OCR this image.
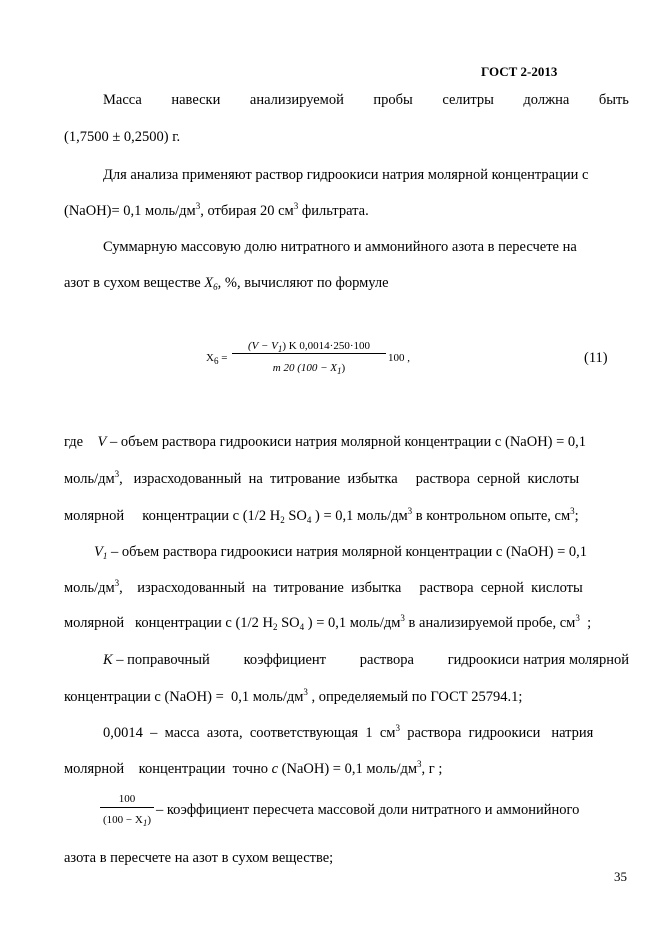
ГОСТ 2-2013
Масса навески анализируемой пробы селитры должна быть
(1,7500 ± 0,2500) г.
Для анализа применяют раствор гидроокиси натрия молярной концентрации с
(NaOH)= 0,1 моль/$дм^3$, отбирая 20 $см^3$ фильтрата.
Суммарную массовую долю нитратного и аммонийного азота в пересчете на
азот в сухом веществе $X_6$, %, вычисляют по формуле
$X_6$ =
$(V - V_1)$ K 0,0014·250·100
m 20 $(100 - X_1)$
100 ,	(11)
где V – объем раствора гидроокиси натрия молярной концентрации с (NaOH) = 0,1
моль/$дм^3$,   израсходованный  на  титрование  избытка     раствора  серной  кислоты
молярной     концентрации с (1/2 $H_2$ $SO_4$ ) = 0,1 моль/$дм^3$ в контрольном опыте, $см^3$;
$V_1$ – объем раствора гидроокиси натрия молярной концентрации с (NaOH) = 0,1
моль/$дм^3$,    израсходованный  на  титрование  избытка     раствора  серной  кислоты
молярной   концентрации с (1/2 $H_2$ $SO_4$ ) = 0,1 моль/$дм^3$ в анализируемой пробе, $см^3$  ;
K – поправочный коэффициент раствора гидроокиси натрия молярной
концентрации с (NaOH) =  0,1 моль/$дм^3$ , определяемый по ГОСТ 25794.1;
0,0014  –  масса  азота,  соответствующая  1  $см^3$  раствора  гидроокиси   натрия
молярной    концентрации  точно с (NaOH) = 0,1 моль/$дм^3$, г ;
100
$(100 - X_1)$
– коэффициент пересчета массовой доли нитратного и аммонийного
азота в пересчете на азот в сухом веществе;
35
